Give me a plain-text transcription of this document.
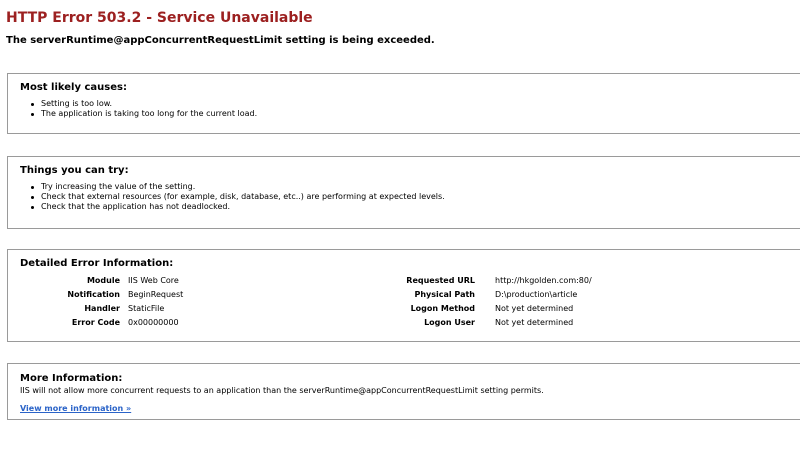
HTTP Error 503.2 - Service Unavailable
The serverRuntime@appConcurrentRequestLimit setting is being exceeded.
Most likely causes:
Setting is too low.
The application is taking too long for the current load.
Things you can try:
Try increasing the value of the setting.
Check that external resources (for example, disk, database, etc..) are performing at expected levels.
Check that the application has not deadlocked.
Detailed Error Information:
Module IIS Web Core	Requested URL	http://hkgolden.com:80/
Notification BeginRequest	Physical Path	D:\production\article
Handler StaticFile	Logon Method	Not yet determined
Error Code 0x00000000	Logon User	Not yet determined
More Information:
IIS will not allow more concurrent requests to an application than the serverRuntime@appConcurrentRequestLimit setting permits.
View more information »
